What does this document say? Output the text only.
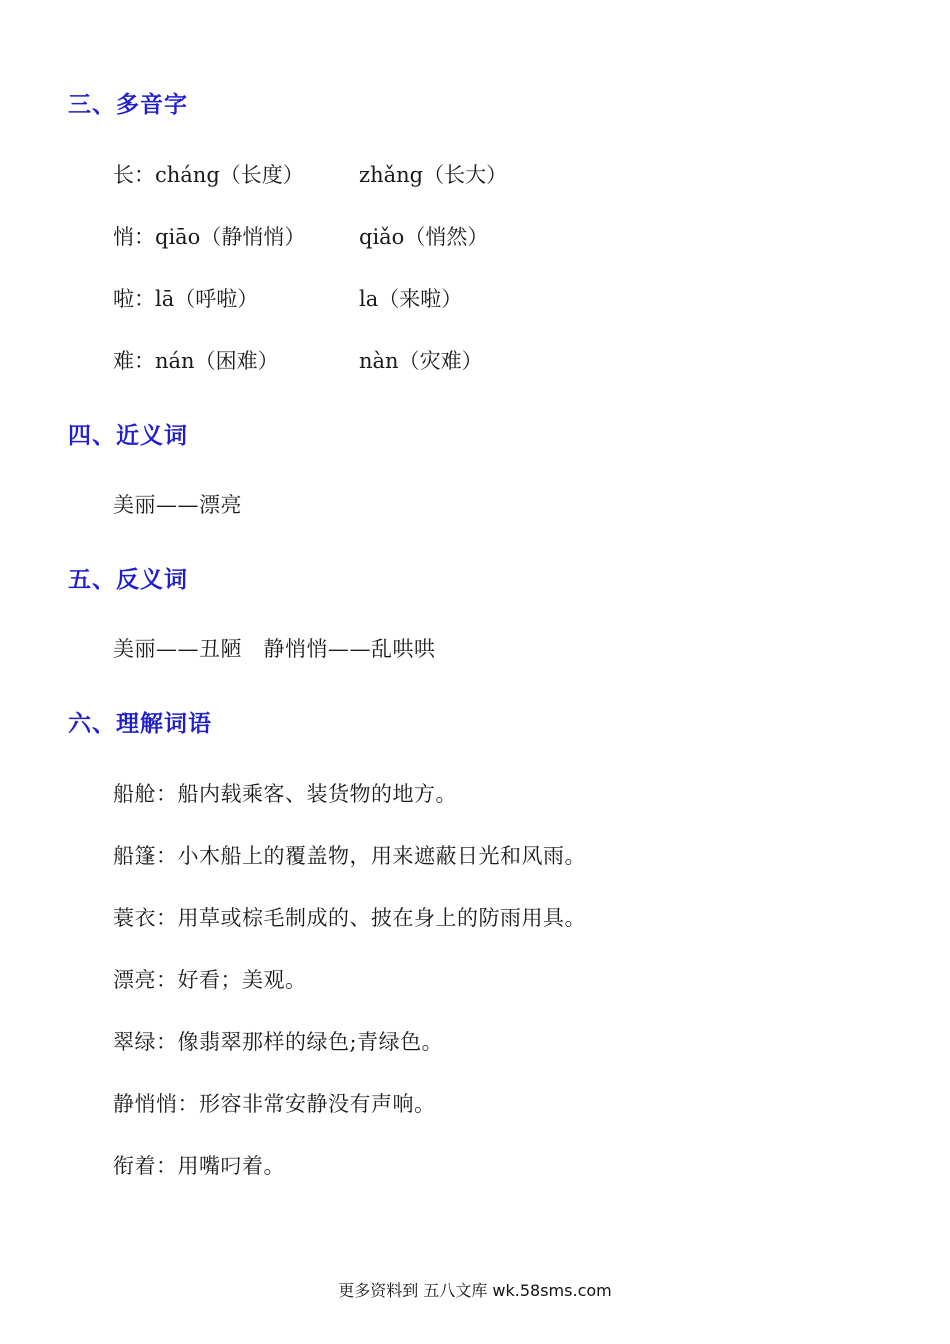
三、多音字
长：cháng（长度）	zhǎng（长大）
悄：qiāo（静悄悄）	qiǎo（悄然）
啦：lā（呼啦）	la（来啦）
难：nán（困难）	nàn（灾难）
四、近义词
美丽——漂亮
五、反义词
美丽——丑陋　静悄悄——乱哄哄
六、理解词语
船舱：船内载乘客、装货物的地方。
船篷：小木船上的覆盖物，用来遮蔽日光和风雨。
蓑衣：用草或棕毛制成的、披在身上的防雨用具。
漂亮：好看；美观。
翠绿：像翡翠那样的绿色;青绿色。
静悄悄：形容非常安静没有声响。
衔着：用嘴叼着。
更多资料到 五八文库 wk.58sms.com
